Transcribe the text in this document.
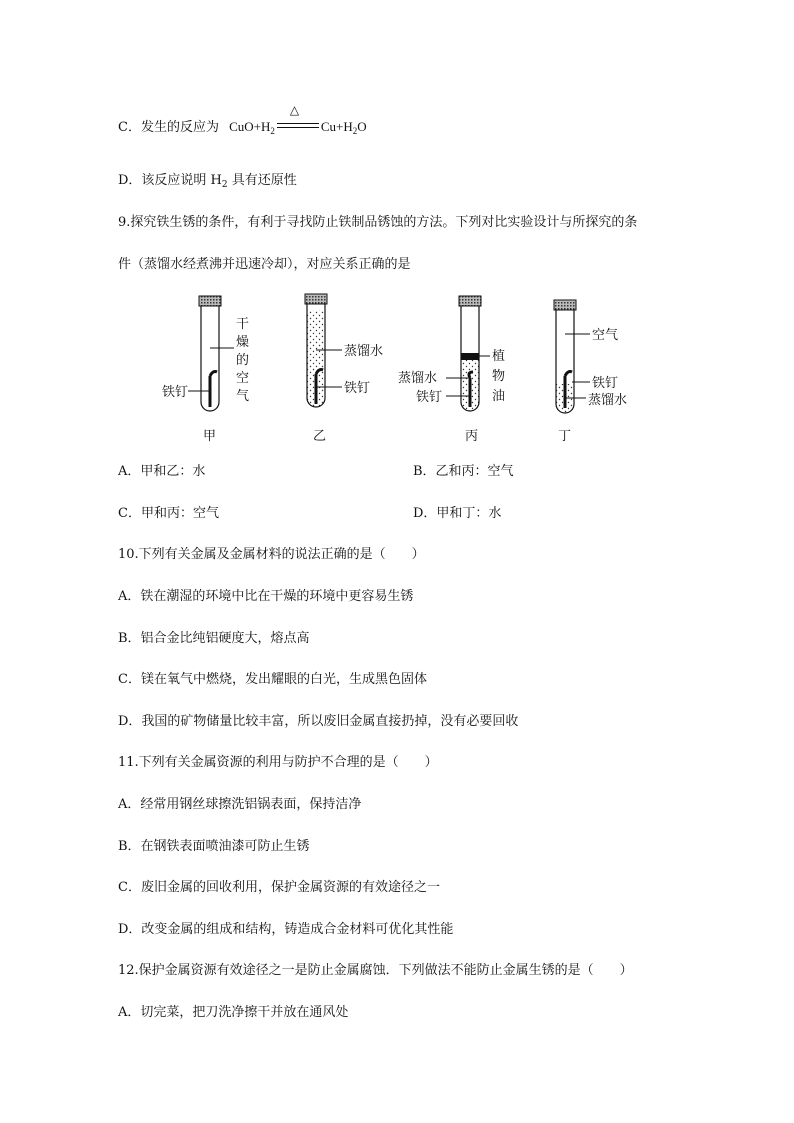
C．发生的反应为 $CuO+H_2$
△
$Cu+H_2O$
D．该反应说明 $H_2$ 具有还原性
9.探究铁生锈的条件，有利于寻找防止铁制品锈蚀的方法。下列对比实验设计与所探究的条
件（蒸馏水经煮沸并迅速冷却），对应关系正确的是
铁钉
干
燥
的
空
气
甲
蒸馏水
铁钉
乙
植
物
油
蒸馏水
铁钉
丙
空气
铁钉
蒸馏水
丁
A．甲和乙：水	B．乙和丙：空气
C．甲和丙：空气	D．甲和丁：水
10.下列有关金属及金属材料的说法正确的是（　　）
A．铁在潮湿的环境中比在干燥的环境中更容易生锈
B．铝合金比纯铝硬度大，熔点高
C．镁在氧气中燃烧，发出耀眼的白光，生成黑色固体
D．我国的矿物储量比较丰富，所以废旧金属直接扔掉，没有必要回收
11.下列有关金属资源的利用与防护不合理的是（　　）
A．经常用钢丝球擦洗铝锅表面，保持洁净
B．在钢铁表面喷油漆可防止生锈
C．废旧金属的回收利用，保护金属资源的有效途径之一
D．改变金属的组成和结构，铸造成合金材料可优化其性能
12.保护金属资源有效途径之一是防止金属腐蚀．下列做法不能防止金属生锈的是（　　）
A．切完菜，把刀洗净擦干并放在通风处
